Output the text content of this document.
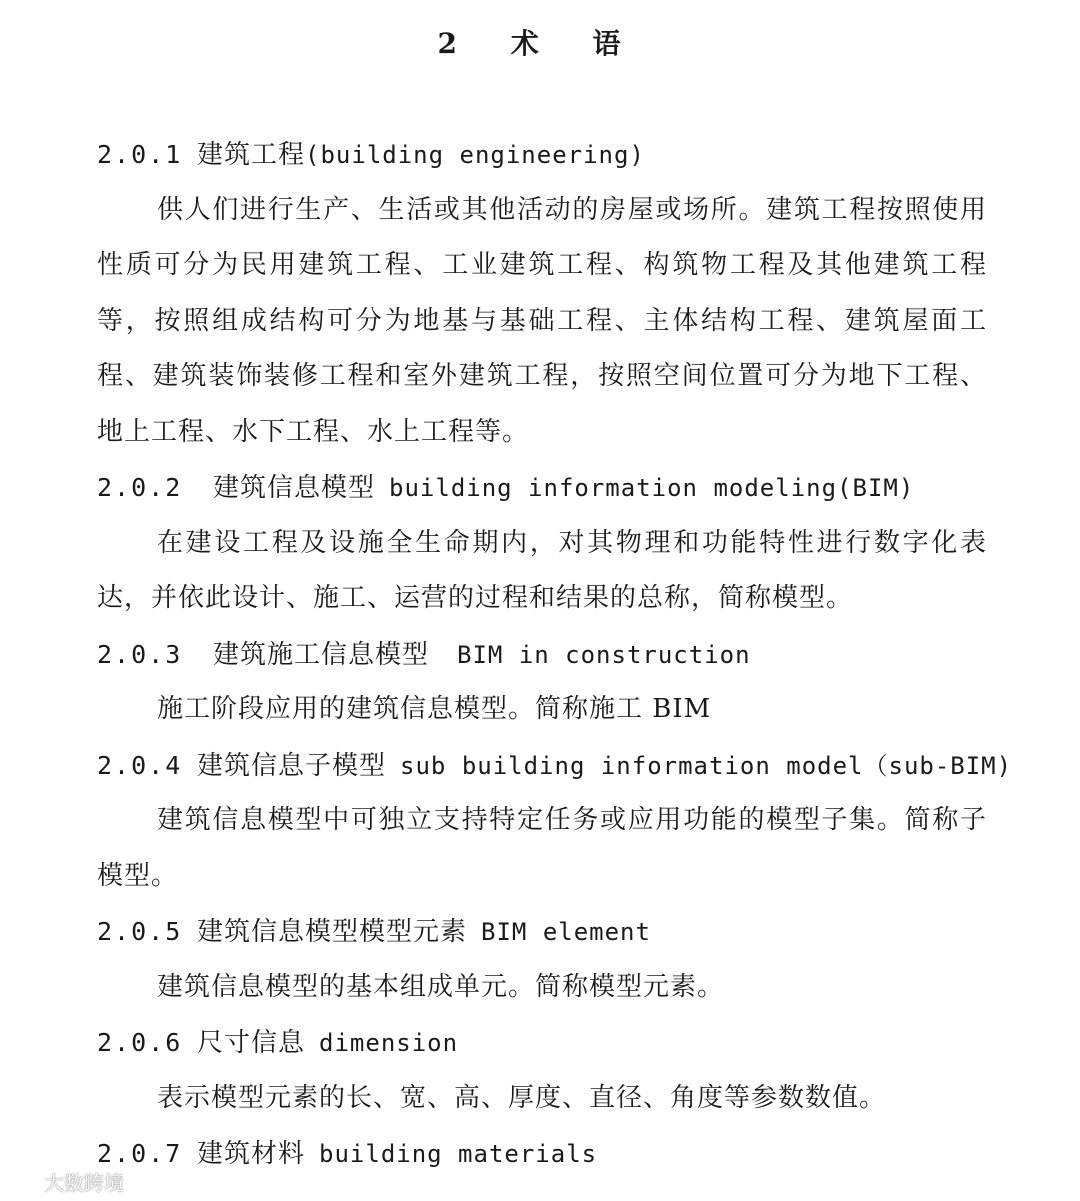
2 术 语
2.0.1 建筑工程(building engineering)

供人们进行生产、生活或其他活动的房屋或场所。建筑工程按照使用性质可分为民用建筑工程、工业建筑工程、构筑物工程及其他建筑工程等，按照组成结构可分为地基与基础工程、主体结构工程、建筑屋面工程、建筑装饰装修工程和室外建筑工程，按照空间位置可分为地下工程、地上工程、水下工程、水上工程等。

2.0.2 建筑信息模型 building information modeling(BIM)

在建设工程及设施全生命期内，对其物理和功能特性进行数字化表达，并依此设计、施工、运营的过程和结果的总称，简称模型。

2.0.3 建筑施工信息模型 BIM in construction

施工阶段应用的建筑信息模型。简称施工 BIM

2.0.4 建筑信息子模型 sub building information model（sub-BIM)

建筑信息模型中可独立支持特定任务或应用功能的模型子集。简称子模型。

2.0.5 建筑信息模型模型元素 BIM element

建筑信息模型的基本组成单元。简称模型元素。

2.0.6 尺寸信息 dimension

表示模型元素的长、宽、高、厚度、直径、角度等参数数值。

2.0.7 建筑材料 building materials
大数跨境
